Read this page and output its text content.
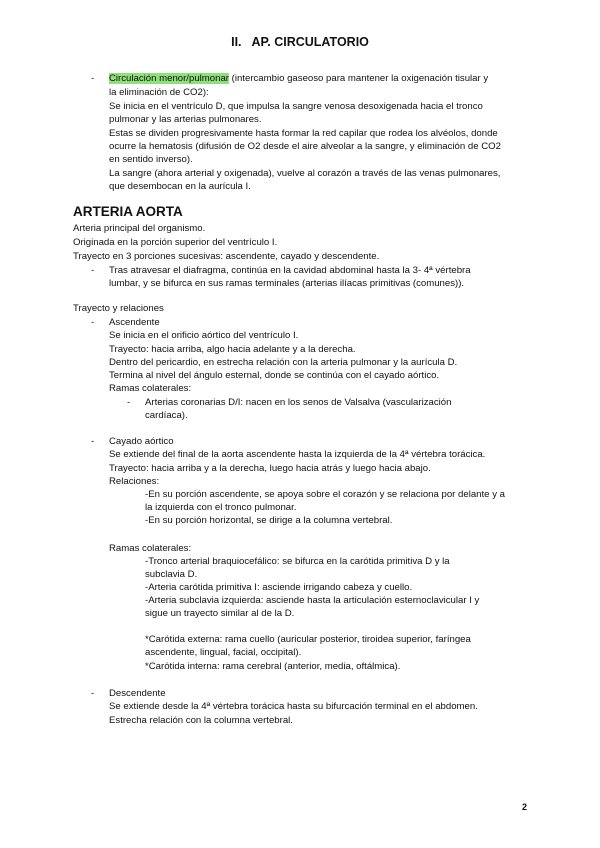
II. AP. CIRCULATORIO
- Circulación menor/pulmonar (intercambio gaseoso para mantener la oxigenación tisular y
la eliminación de CO2):
Se inicia en el ventrículo D, que impulsa la sangre venosa desoxigenada hacia el tronco
pulmonar y las arterias pulmonares.
Estas se dividen progresivamente hasta formar la red capilar que rodea los alvéolos, donde
ocurre la hematosis (difusión de O2 desde el aire alveolar a la sangre, y eliminación de CO2
en sentido inverso).
La sangre (ahora arterial y oxigenada), vuelve al corazón a través de las venas pulmonares,
que desembocan en la aurícula I.
ARTERIA AORTA
Arteria principal del organismo.
Originada en la porción superior del ventrículo I.
Trayecto en 3 porciones sucesivas: ascendente, cayado y descendente.
- Tras atravesar el diafragma, continúa en la cavidad abdominal hasta la 3- 4ª vértebra
lumbar, y se bifurca en sus ramas terminales (arterias ilíacas primitivas (comunes)).
Trayecto y relaciones
- Ascendente
Se inicia en el orificio aórtico del ventrículo I.
Trayecto: hacia arriba, algo hacia adelante y a la derecha.
Dentro del pericardio, en estrecha relación con la arteria pulmonar y la aurícula D.
Termina al nivel del ángulo esternal, donde se continúa con el cayado aórtico.
Ramas colaterales:
- Arterias coronarias D/I: nacen en los senos de Valsalva (vascularización
cardíaca).
- Cayado aórtico
Se extiende del final de la aorta ascendente hasta la izquierda de la 4ª vértebra torácica.
Trayecto: hacia arriba y a la derecha, luego hacia atrás y luego hacia abajo.
Relaciones:
-En su porción ascendente, se apoya sobre el corazón y se relaciona por delante y a
la izquierda con el tronco pulmonar.
-En su porción horizontal, se dirige a la columna vertebral.
Ramas colaterales:
-Tronco arterial braquiocefálico: se bifurca en la carótida primitiva D y la
subclavia D.
-Arteria carótida primitiva I: asciende irrigando cabeza y cuello.
-Arteria subclavia izquierda: asciende hasta la articulación esternoclavicular I y
sigue un trayecto similar al de la D.
*Carótida externa: rama cuello (auricular posterior, tiroidea superior, faríngea
ascendente, lingual, facial, occipital).
*Carótida interna: rama cerebral (anterior, media, oftálmica).
- Descendente
Se extiende desde la 4ª vértebra torácica hasta su bifurcación terminal en el abdomen.
Estrecha relación con la columna vertebral.
2
